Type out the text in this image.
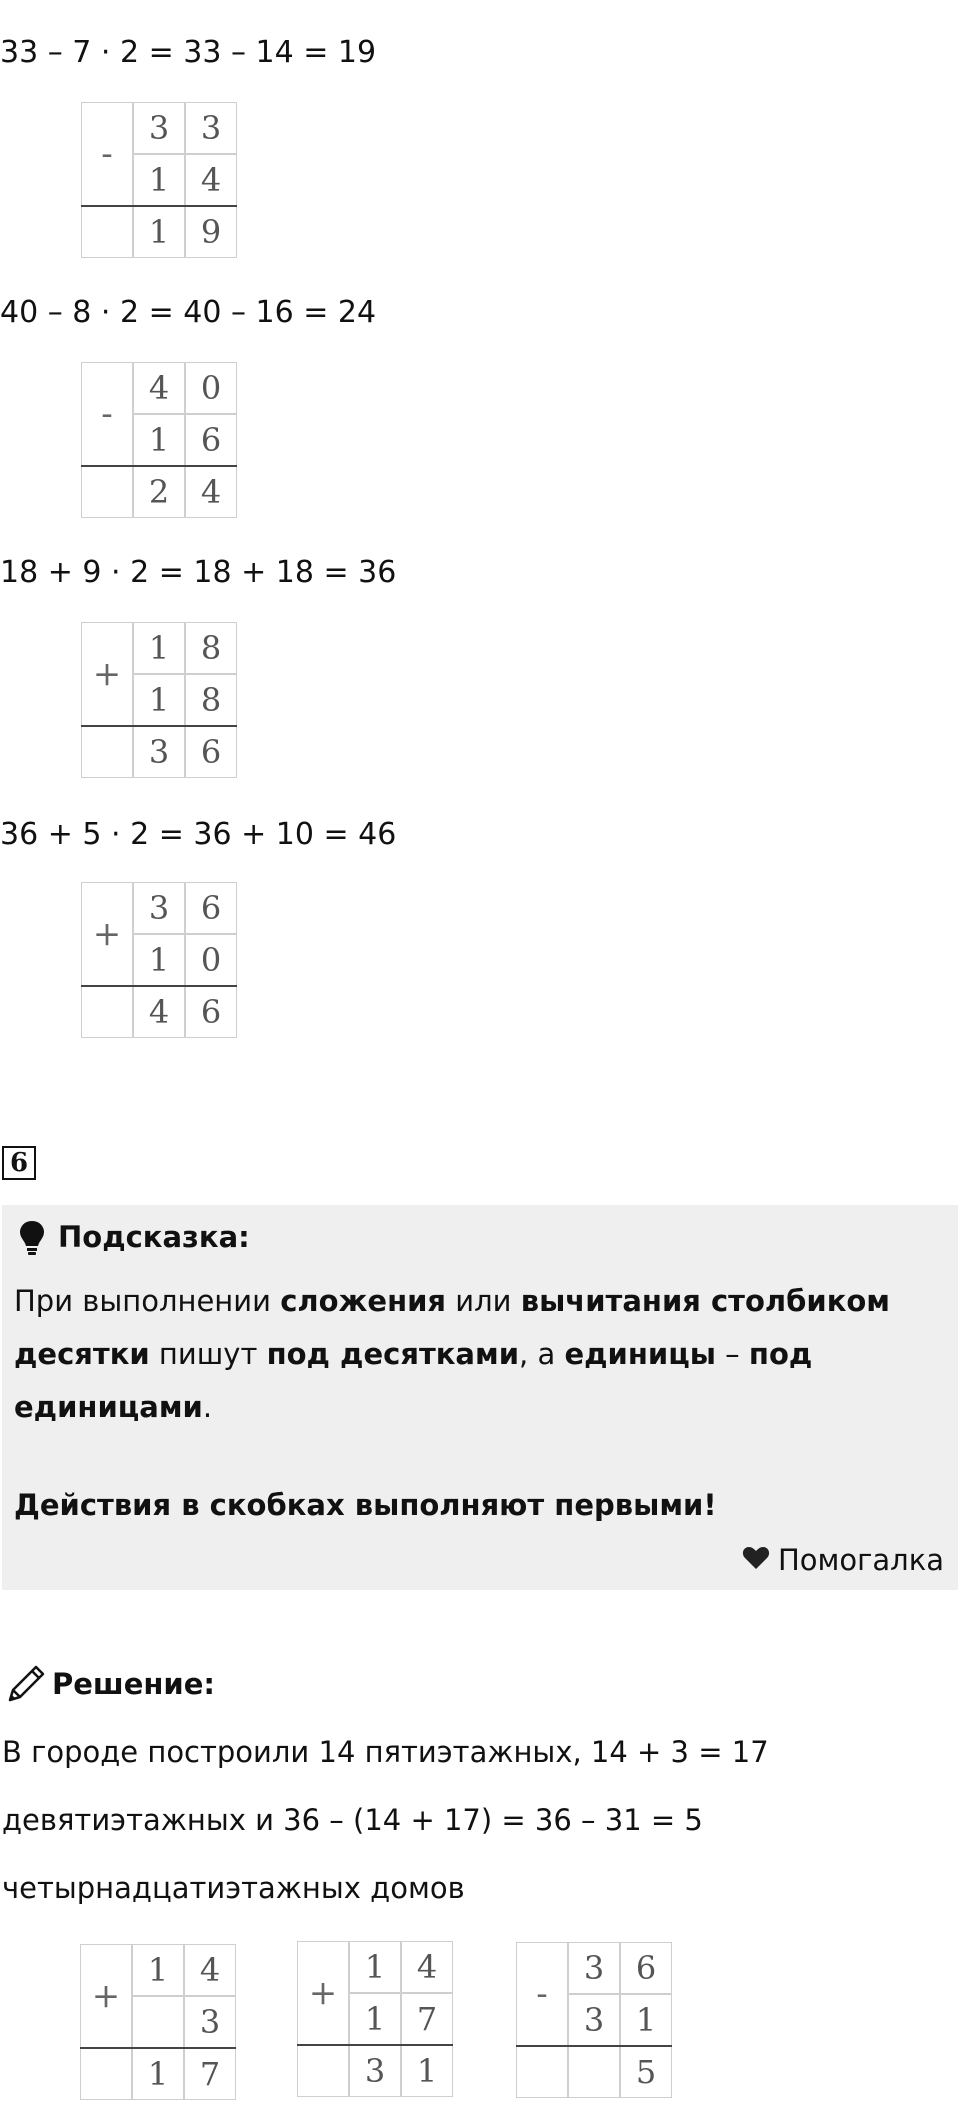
33 – 7 · 2 = 33 – 14 = 19
40 – 8 · 2 = 40 – 16 = 24
18 + 9 · 2 = 18 + 18 = 36
36 + 5 · 2 = 36 + 10 = 46
-
3 3
1 4
1 9
-
4 0
1 6
2 4
+
1 8
1 8
3 6
+
3 6
1 0
4 6
6
Подсказка:
При выполнении сложения или вычитания столбиком
десятки пишут под десятками, а единицы – под
единицами.
Действия в скобках выполняют первыми!
Помогалка
Решение:
В городе построили 14 пятиэтажных, 14 + 3 = 17
девятиэтажных и 36 – (14 + 17) = 36 – 31 = 5
четырнадцатиэтажных домов
+
1 4
3
1 7
+
1 4
1 7
3 1
-
3 6
3 1
5
